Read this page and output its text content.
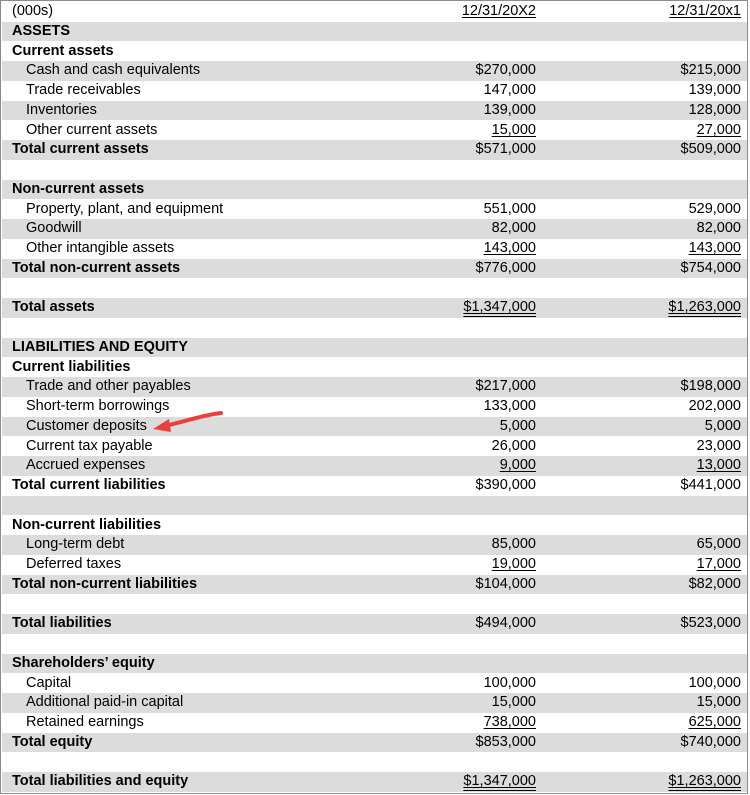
(000s)	12/31/20X2	12/31/20x1
ASSETS
Current assets
Cash and cash equivalents	$270,000	$215,000
Trade receivables	147,000	139,000
Inventories	139,000	128,000
Other current assets	15,000	27,000
Total current assets	$571,000	$509,000
Non-current assets
Property, plant, and equipment	551,000	529,000
Goodwill	82,000	82,000
Other intangible assets	143,000	143,000
Total non-current assets	$776,000	$754,000
Total assets	$1,347,000	$1,263,000
LIABILITIES AND EQUITY
Current liabilities
Trade and other payables	$217,000	$198,000
Short-term borrowings	133,000	202,000
Customer deposits	5,000	5,000
Current tax payable	26,000	23,000
Accrued expenses	9,000	13,000
Total current liabilities	$390,000	$441,000
Non-current liabilities
Long-term debt	85,000	65,000
Deferred taxes	19,000	17,000
Total non-current liabilities	$104,000	$82,000
Total liabilities	$494,000	$523,000
Shareholders’ equity
Capital	100,000	100,000
Additional paid-in capital	15,000	15,000
Retained earnings	738,000	625,000
Total equity	$853,000	$740,000
Total liabilities and equity	$1,347,000	$1,263,000
